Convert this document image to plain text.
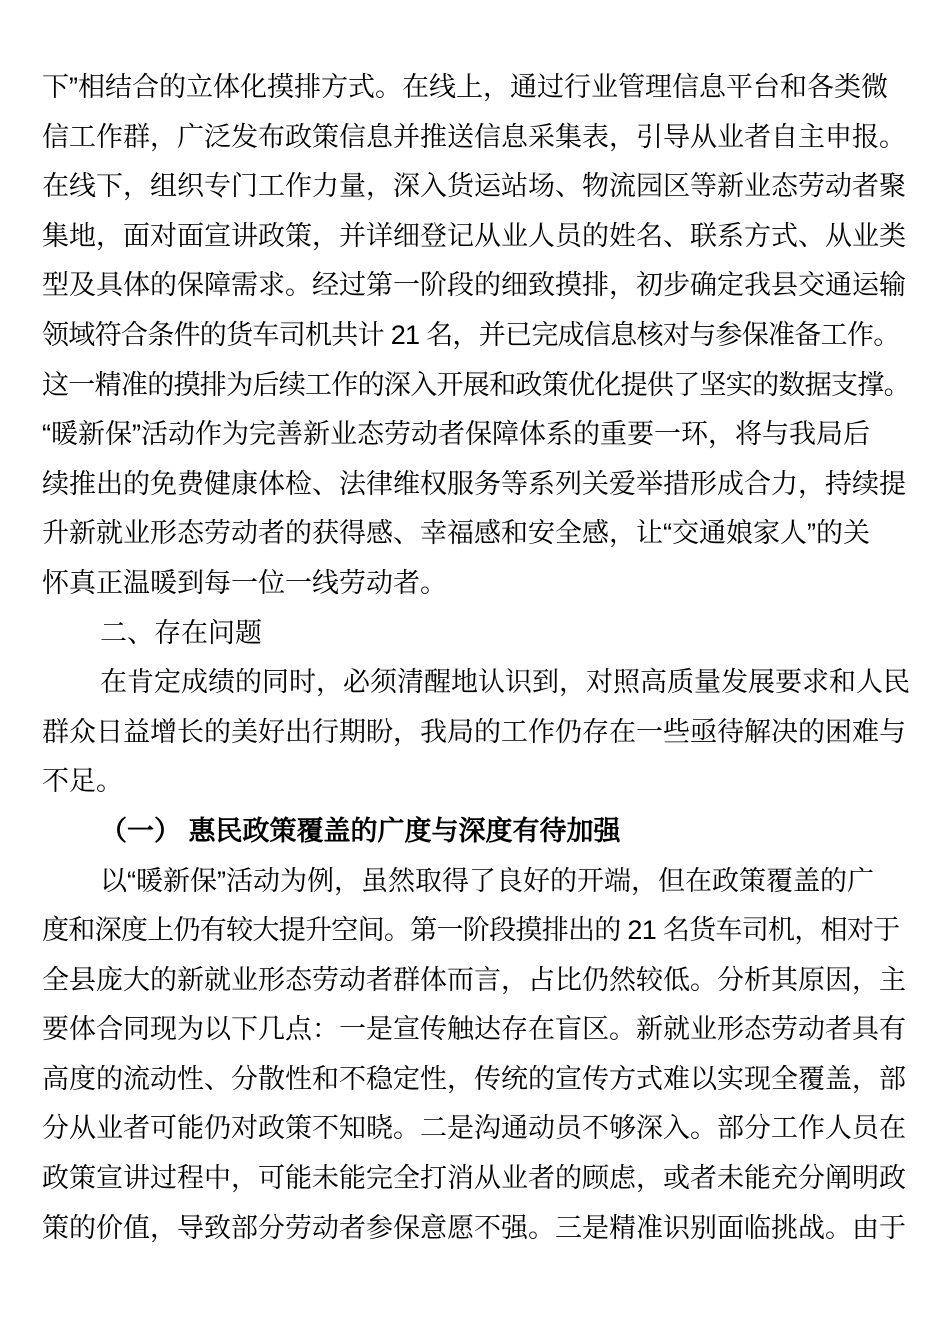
下”相结合的立体化摸排方式。在线上，通过行业管理信息平台和各类微
信工作群，广泛发布政策信息并推送信息采集表，引导从业者自主申报。
在线下，组织专门工作力量，深入货运站场、物流园区等新业态劳动者聚
集地，面对面宣讲政策，并详细登记从业人员的姓名、联系方式、从业类
型及具体的保障需求。经过第一阶段的细致摸排，初步确定我县交通运输
领域符合条件的货车司机共计 21 名，并已完成信息核对与参保准备工作。
这一精准的摸排为后续工作的深入开展和政策优化提供了坚实的数据支撑。
“暖新保”活动作为完善新业态劳动者保障体系的重要一环，将与我局后
续推出的免费健康体检、法律维权服务等系列关爱举措形成合力，持续提
升新就业形态劳动者的获得感、幸福感和安全感，让“交通娘家人”的关
怀真正温暖到每一位一线劳动者。
二、存在问题
在肯定成绩的同时，必须清醒地认识到，对照高质量发展要求和人民
群众日益增长的美好出行期盼，我局的工作仍存在一些亟待解决的困难与
不足。
（一） 惠民政策覆盖的广度与深度有待加强
以“暖新保”活动为例，虽然取得了良好的开端，但在政策覆盖的广
度和深度上仍有较大提升空间。第一阶段摸排出的 21 名货车司机，相对于
全县庞大的新就业形态劳动者群体而言，占比仍然较低。分析其原因，主
要体合同现为以下几点：一是宣传触达存在盲区。新就业形态劳动者具有
高度的流动性、分散性和不稳定性，传统的宣传方式难以实现全覆盖，部
分从业者可能仍对政策不知晓。二是沟通动员不够深入。部分工作人员在
政策宣讲过程中，可能未能完全打消从业者的顾虑，或者未能充分阐明政
策的价值，导致部分劳动者参保意愿不强。三是精准识别面临挑战。由于
